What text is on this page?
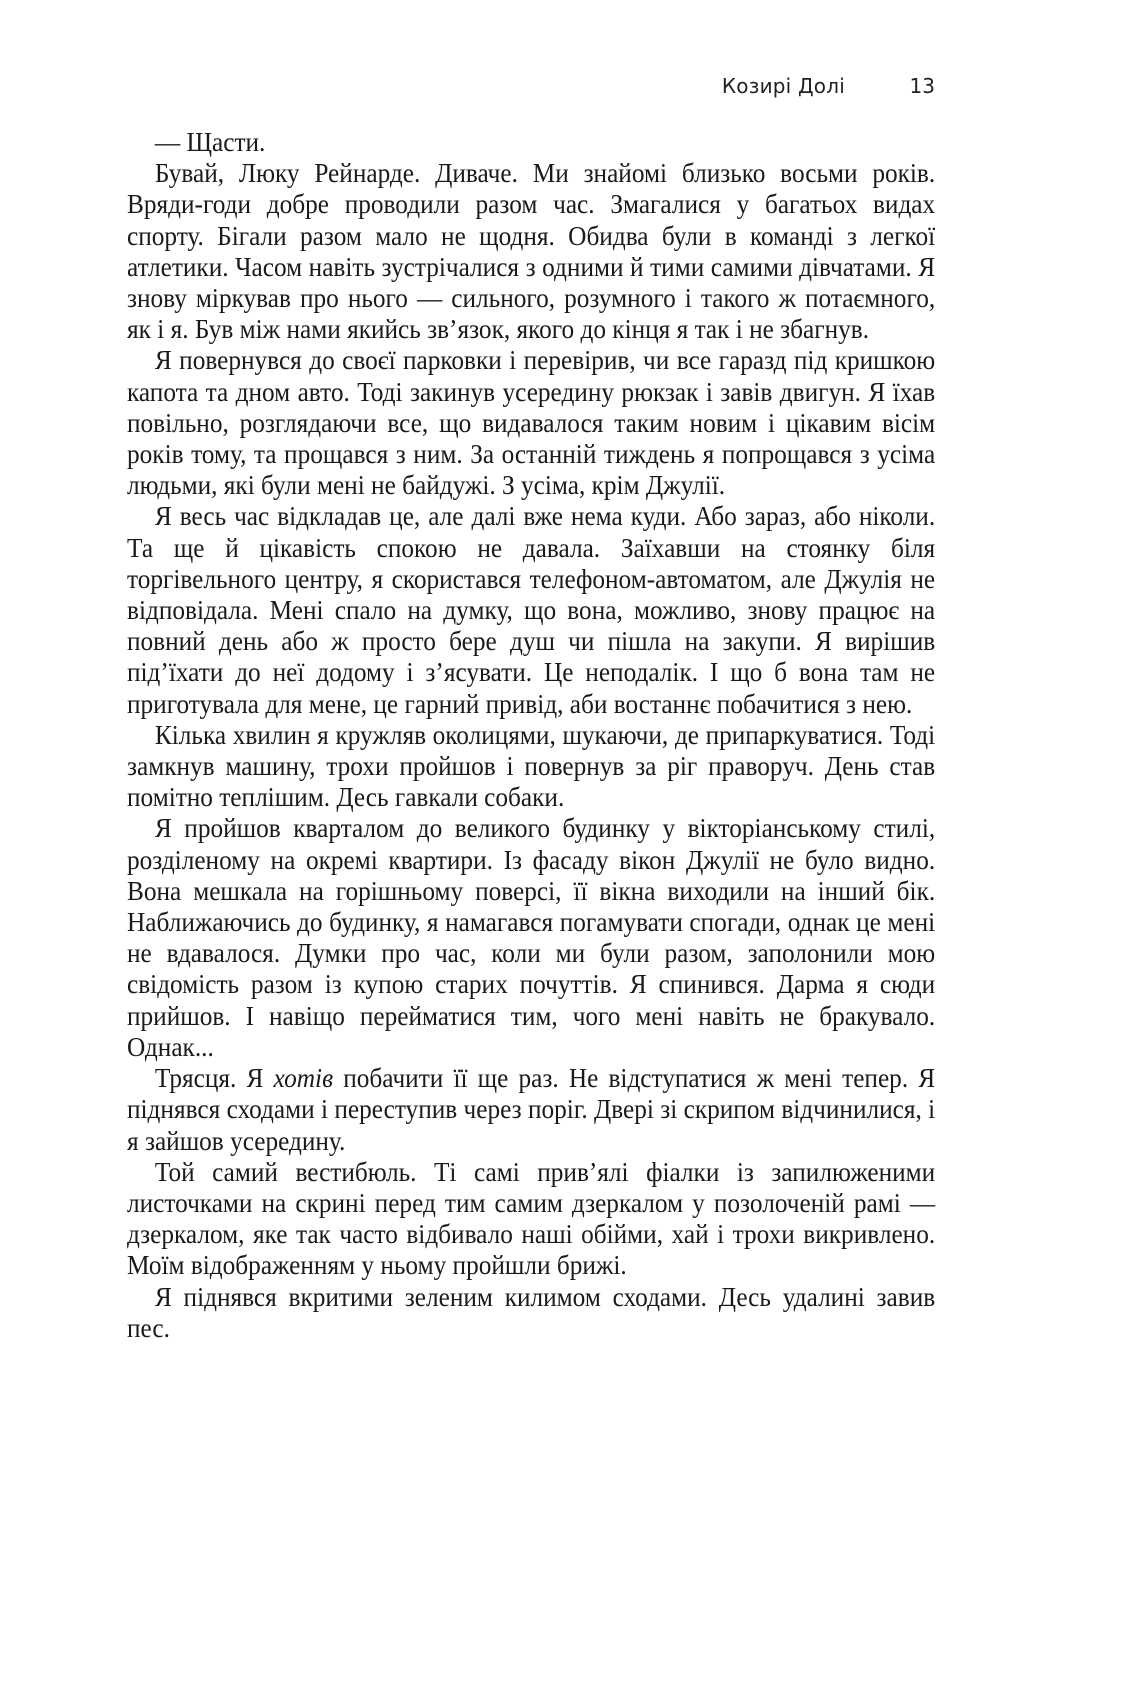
Козирі Долі	13

— Щасти.

Бувай, Люку Рейнарде. Диваче. Ми знайомі близько восьми років. Вряди-годи добре проводили разом час. Змагалися у багатьох видах спорту. Бігали разом мало не щодня. Обидва були в команді з легкої атлетики. Часом навіть зустрічалися з одними й тими самими дівчатами. Я знову міркував про нього — сильного, розумного і такого ж потаємного, як і я. Був між нами якийсь зв’язок, якого до кінця я так і не збагнув.

Я повернувся до своєї парковки і перевірив, чи все гаразд під кришкою капота та дном авто. Тоді закинув усередину рюкзак і завів двигун. Я їхав повільно, розглядаючи все, що видавалося таким новим і цікавим вісім років тому, та прощався з ним. За останній тиждень я попрощався з усіма людьми, які були мені не байдужі. З усіма, крім Джулії.

Я весь час відкладав це, але далі вже нема куди. Або зараз, або ніколи. Та ще й цікавість спокою не давала. Заїхавши на стоянку біля торгівельного центру, я скористався телефоном-автоматом, але Джулія не відповідала. Мені спало на думку, що вона, можливо, знову працює на повний день або ж просто бере душ чи пішла на закупи. Я вирішив під’їхати до неї додому і з’ясувати. Це неподалік. І що б вона там не приготувала для мене, це гарний привід, аби востаннє побачитися з нею.

Кілька хвилин я кружляв околицями, шукаючи, де припаркуватися. Тоді замкнув машину, трохи пройшов і повернув за ріг праворуч. День став помітно теплішим. Десь гавкали собаки.

Я пройшов кварталом до великого будинку у вікторіанському стилі, розділеному на окремі квартири. Із фасаду вікон Джулії не було видно. Вона мешкала на горішньому поверсі, її вікна виходили на інший бік. Наближаючись до будинку, я намагався погамувати спогади, однак це мені не вдавалося. Думки про час, коли ми були разом, заполонили мою свідомість разом із купою старих почуттів. Я спинився. Дарма я сюди прийшов. І навіщо перейматися тим, чого мені навіть не бракувало. Однак...

Трясця. Я хотів побачити її ще раз. Не відступатися ж мені тепер. Я піднявся сходами і переступив через поріг. Двері зі скрипом відчинилися, і я зайшов усередину.

Той самий вестибюль. Ті самі прив’ялі фіалки із запилюженими листочками на скрині перед тим самим дзеркалом у позолоченій рамі — дзеркалом, яке так часто відбивало наші обійми, хай і трохи викривлено. Моїм відображенням у ньому пройшли брижі.

Я піднявся вкритими зеленим килимом сходами. Десь удалині завив пес.
